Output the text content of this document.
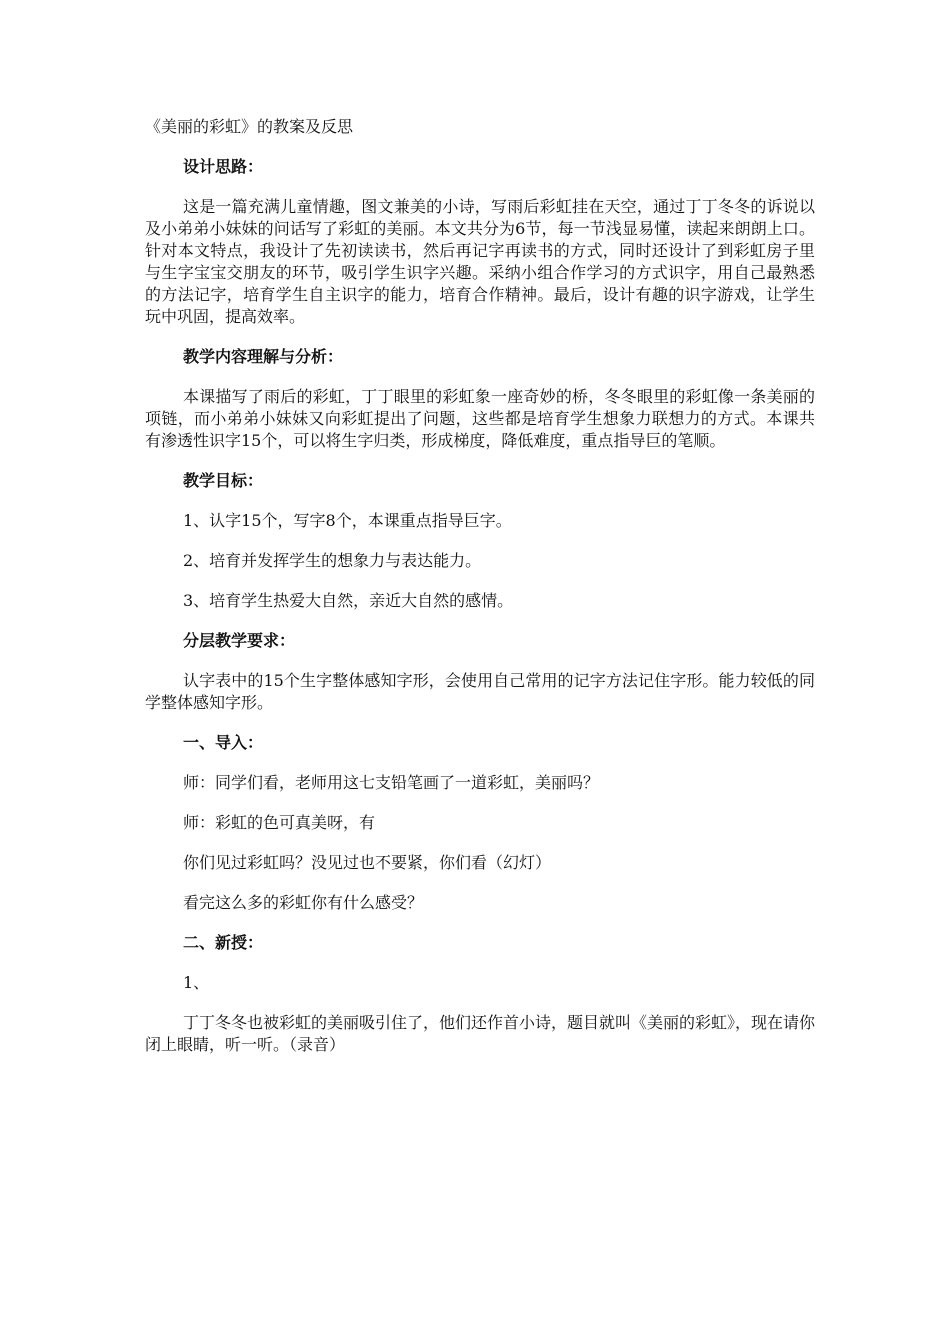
《美丽的彩虹》的教案及反思

设计思路：

这是一篇充满儿童情趣，图文兼美的小诗，写雨后彩虹挂在天空，通过丁丁冬冬的诉说以及小弟弟小妹妹的问话写了彩虹的美丽。本文共分为6节，每一节浅显易懂，读起来朗朗上口。针对本文特点，我设计了先初读读书，然后再记字再读书的方式，同时还设计了到彩虹房子里与生字宝宝交朋友的环节，吸引学生识字兴趣。采纳小组合作学习的方式识字，用自己最熟悉的方法记字，培育学生自主识字的能力，培育合作精神。最后，设计有趣的识字游戏，让学生玩中巩固，提高效率。

教学内容理解与分析：

本课描写了雨后的彩虹，丁丁眼里的彩虹象一座奇妙的桥，冬冬眼里的彩虹像一条美丽的项链，而小弟弟小妹妹又向彩虹提出了问题，这些都是培育学生想象力联想力的方式。本课共有渗透性识字15个，可以将生字归类，形成梯度，降低难度，重点指导巨的笔顺。

教学目标：

1、认字15个，写字8个，本课重点指导巨字。

2、培育并发挥学生的想象力与表达能力。

3、培育学生热爱大自然，亲近大自然的感情。

分层教学要求：

认字表中的15个生字整体感知字形，会使用自己常用的记字方法记住字形。能力较低的同学整体感知字形。

一、导入：

师：同学们看，老师用这七支铅笔画了一道彩虹，美丽吗？

师：彩虹的色可真美呀，有

你们见过彩虹吗？没见过也不要紧，你们看（幻灯）

看完这么多的彩虹你有什么感受？

二、新授：

1、

丁丁冬冬也被彩虹的美丽吸引住了，他们还作首小诗，题目就叫《美丽的彩虹》，现在请你闭上眼睛，听一听。（录音）
